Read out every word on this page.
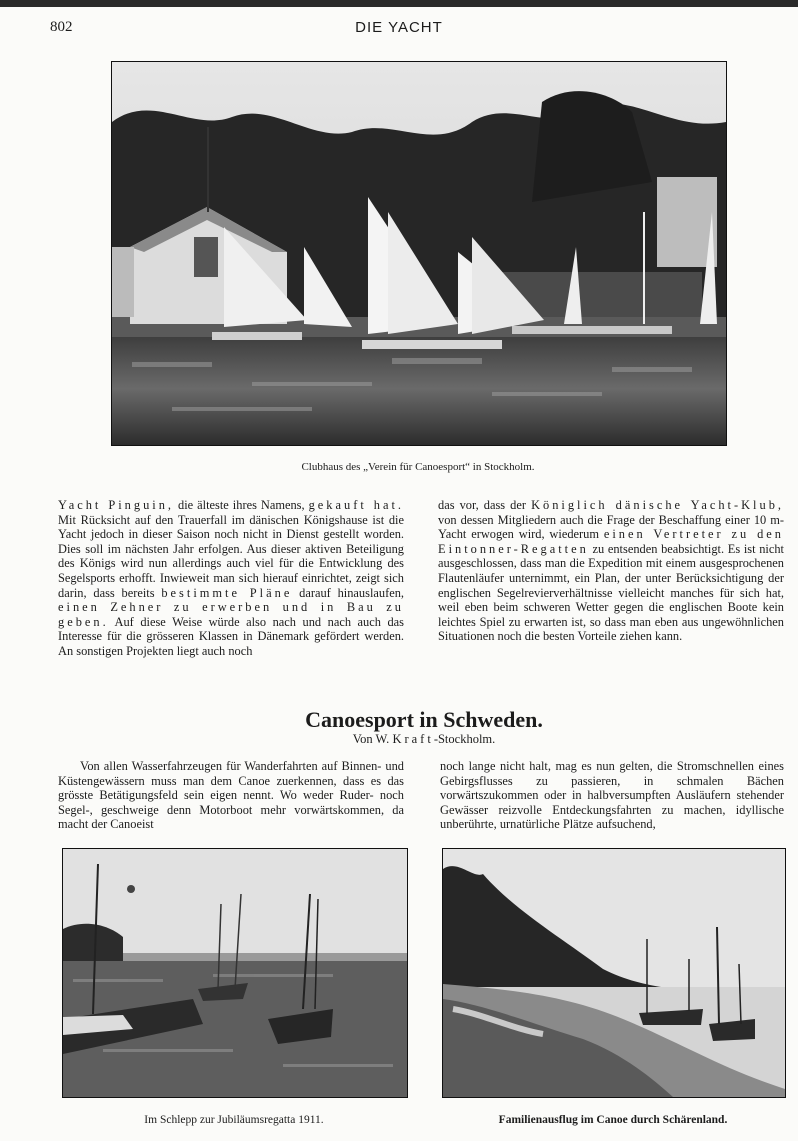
802	DIE YACHT
Clubhaus des „Verein für Canoesport“ in Stockholm.

Yacht Pinguin, die älteste ihres Namens, gekauft hat. Mit Rücksicht auf den Trauerfall im dänischen Königshause ist die Yacht jedoch in dieser Saison noch nicht in Dienst gestellt worden. Dies soll im nächsten Jahr erfolgen. Aus dieser aktiven Beteiligung des Königs wird nun allerdings auch viel für die Entwicklung des Segelsports erhofft. Inwieweit man sich hierauf einrichtet, zeigt sich darin, dass bereits bestimmte Pläne darauf hinauslaufen, einen Zehner zu erwerben und in Bau zu geben. Auf diese Weise würde also nach und nach auch das Interesse für die grösseren Klassen in Dänemark gefördert werden. An sonstigen Projekten liegt auch noch

das vor, dass der Königlich dänische Yacht-Klub, von dessen Mitgliedern auch die Frage der Beschaffung einer 10 m-Yacht erwogen wird, wiederum einen Vertreter zu den Eintonner-Regatten zu entsenden beabsichtigt. Es ist nicht ausgeschlossen, dass man die Expedition mit einem ausgesprochenen Flautenläufer unternimmt, ein Plan, der unter Berücksichtigung der englischen Segelrevierverhältnisse vielleicht manches für sich hat, weil eben beim schweren Wetter gegen die englischen Boote kein leichtes Spiel zu erwarten ist, so dass man eben aus ungewöhnlichen Situationen noch die besten Vorteile ziehen kann.

Canoesport in Schweden.
Von W. Kraft-Stockholm.

Von allen Wasserfahrzeugen für Wanderfahrten auf Binnen- und Küstengewässern muss man dem Canoe zuerkennen, dass es das grösste Betätigungsfeld sein eigen nennt. Wo weder Ruder- noch Segel-, geschweige denn Motorboot mehr vorwärtskommen, da macht der Canoeist

noch lange nicht halt, mag es nun gelten, die Stromschnellen eines Gebirgsflusses zu passieren, in schmalen Bächen vorwärtszukommen oder in halbversumpften Ausläufern stehender Gewässer reizvolle Entdeckungsfahrten zu machen, idyllische unberührte, urnatürliche Plätze aufsuchend,

Im Schlepp zur Jubiläumsregatta 1911.	Familienausflug im Canoe durch Schärenland.
